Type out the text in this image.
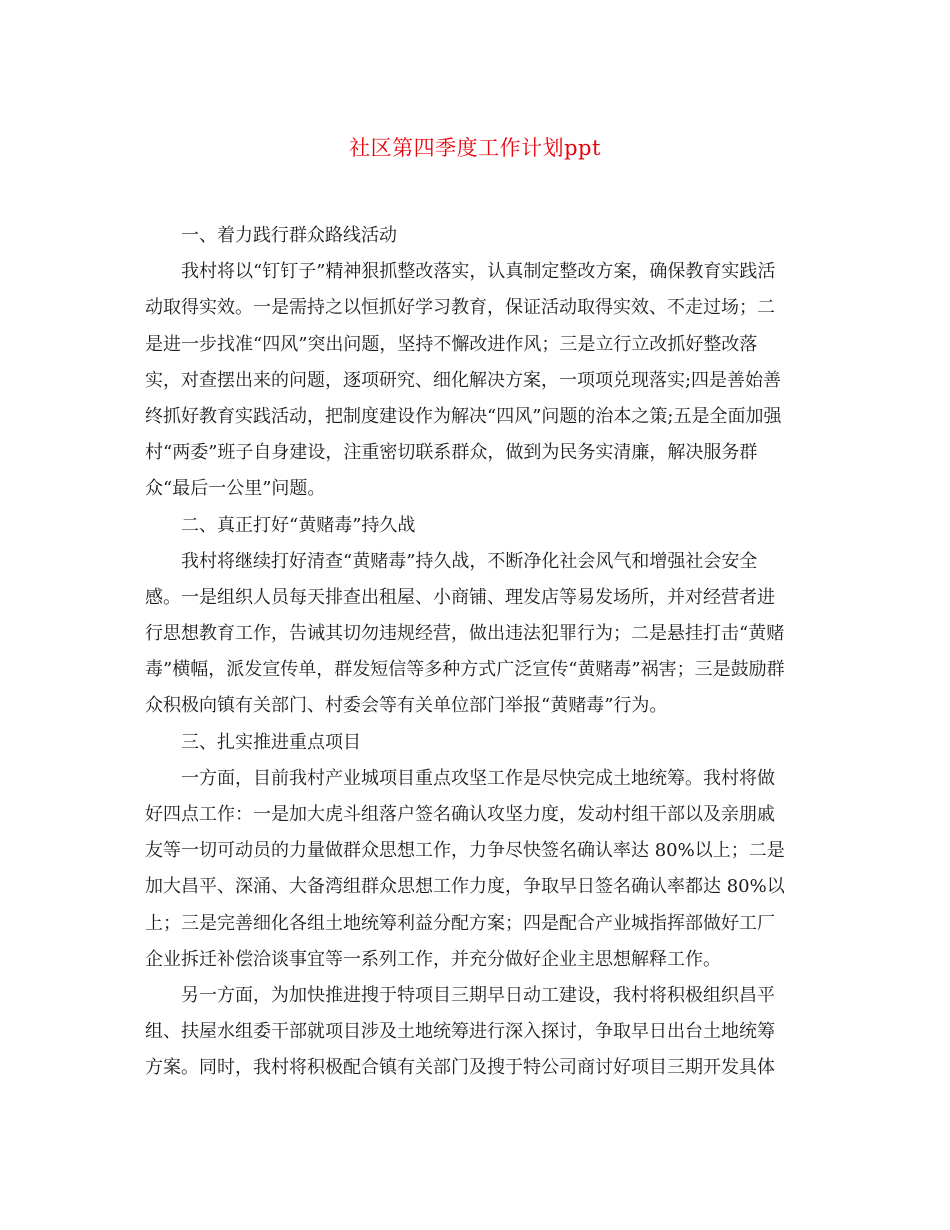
社区第四季度工作计划ppt
一、着力践行群众路线活动
我村将以“钉钉子”精神狠抓整改落实，认真制定整改方案，确保教育实践活
动取得实效。一是需持之以恒抓好学习教育，保证活动取得实效、不走过场；二
是进一步找准“四风”突出问题，坚持不懈改进作风；三是立行立改抓好整改落
实，对查摆出来的问题，逐项研究、细化解决方案，一项项兑现落实;四是善始善
终抓好教育实践活动，把制度建设作为解决“四风”问题的治本之策;五是全面加强
村“两委”班子自身建设，注重密切联系群众，做到为民务实清廉，解决服务群
众“最后一公里”问题。
二、真正打好“黄赌毒”持久战
我村将继续打好清查“黄赌毒”持久战，不断净化社会风气和增强社会安全
感。一是组织人员每天排查出租屋、小商铺、理发店等易发场所，并对经营者进
行思想教育工作，告诫其切勿违规经营，做出违法犯罪行为；二是悬挂打击“黄赌
毒”横幅，派发宣传单，群发短信等多种方式广泛宣传“黄赌毒”祸害；三是鼓励群
众积极向镇有关部门、村委会等有关单位部门举报“黄赌毒”行为。
三、扎实推进重点项目
一方面，目前我村产业城项目重点攻坚工作是尽快完成土地统筹。我村将做
好四点工作：一是加大虎斗组落户签名确认攻坚力度，发动村组干部以及亲朋戚
友等一切可动员的力量做群众思想工作，力争尽快签名确认率达 80%以上；二是
加大昌平、深涌、大备湾组群众思想工作力度，争取早日签名确认率都达 80%以
上；三是完善细化各组土地统筹利益分配方案；四是配合产业城指挥部做好工厂
企业拆迁补偿洽谈事宜等一系列工作，并充分做好企业主思想解释工作。
另一方面，为加快推进搜于特项目三期早日动工建设，我村将积极组织昌平
组、扶屋水组委干部就项目涉及土地统筹进行深入探讨，争取早日出台土地统筹
方案。同时，我村将积极配合镇有关部门及搜于特公司商讨好项目三期开发具体
